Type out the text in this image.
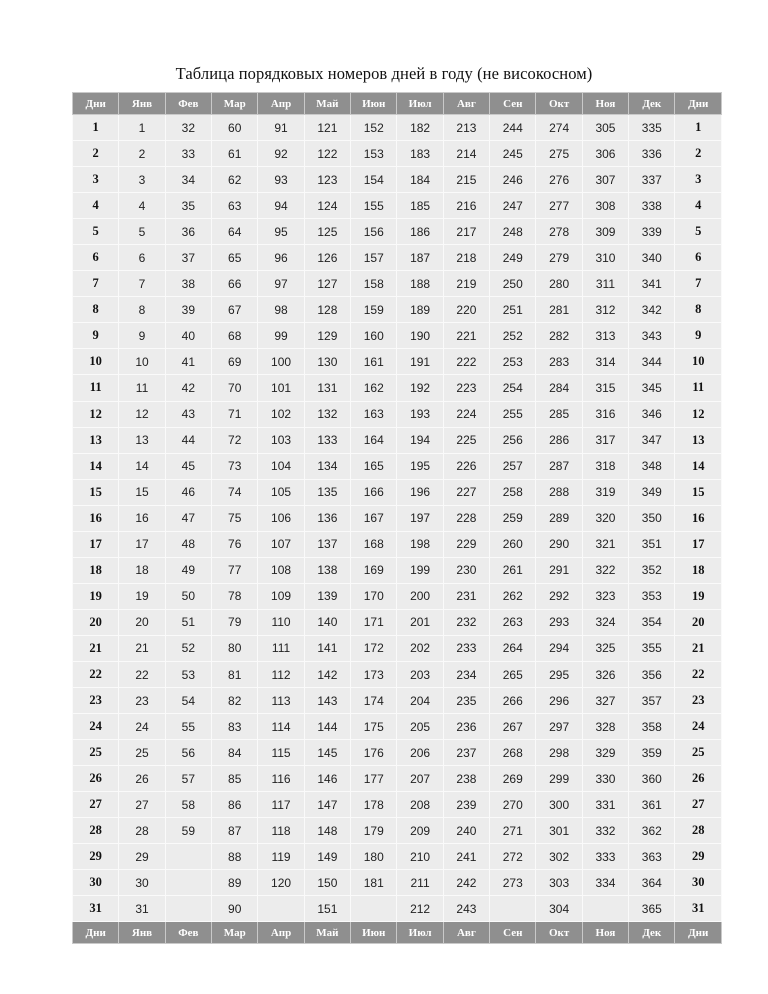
Таблица порядковых номеров дней в году (не високосном)
Дни	Янв	Фев	Мар	Апр	Май	Июн	Июл	Авг	Сен	Окт	Ноя	Дек	Дни
1	1	32	60	91	121	152	182	213	244	274	305	335	1
2	2	33	61	92	122	153	183	214	245	275	306	336	2
3	3	34	62	93	123	154	184	215	246	276	307	337	3
4	4	35	63	94	124	155	185	216	247	277	308	338	4
5	5	36	64	95	125	156	186	217	248	278	309	339	5
6	6	37	65	96	126	157	187	218	249	279	310	340	6
7	7	38	66	97	127	158	188	219	250	280	311	341	7
8	8	39	67	98	128	159	189	220	251	281	312	342	8
9	9	40	68	99	129	160	190	221	252	282	313	343	9
10	10	41	69	100	130	161	191	222	253	283	314	344	10
11	11	42	70	101	131	162	192	223	254	284	315	345	11
12	12	43	71	102	132	163	193	224	255	285	316	346	12
13	13	44	72	103	133	164	194	225	256	286	317	347	13
14	14	45	73	104	134	165	195	226	257	287	318	348	14
15	15	46	74	105	135	166	196	227	258	288	319	349	15
16	16	47	75	106	136	167	197	228	259	289	320	350	16
17	17	48	76	107	137	168	198	229	260	290	321	351	17
18	18	49	77	108	138	169	199	230	261	291	322	352	18
19	19	50	78	109	139	170	200	231	262	292	323	353	19
20	20	51	79	110	140	171	201	232	263	293	324	354	20
21	21	52	80	111	141	172	202	233	264	294	325	355	21
22	22	53	81	112	142	173	203	234	265	295	326	356	22
23	23	54	82	113	143	174	204	235	266	296	327	357	23
24	24	55	83	114	144	175	205	236	267	297	328	358	24
25	25	56	84	115	145	176	206	237	268	298	329	359	25
26	26	57	85	116	146	177	207	238	269	299	330	360	26
27	27	58	86	117	147	178	208	239	270	300	331	361	27
28	28	59	87	118	148	179	209	240	271	301	332	362	28
29	29		88	119	149	180	210	241	272	302	333	363	29
30	30		89	120	150	181	211	242	273	303	334	364	30
31	31		90		151		212	243		304		365	31
Дни	Янв	Фев	Мар	Апр	Май	Июн	Июл	Авг	Сен	Окт	Ноя	Дек	Дни
